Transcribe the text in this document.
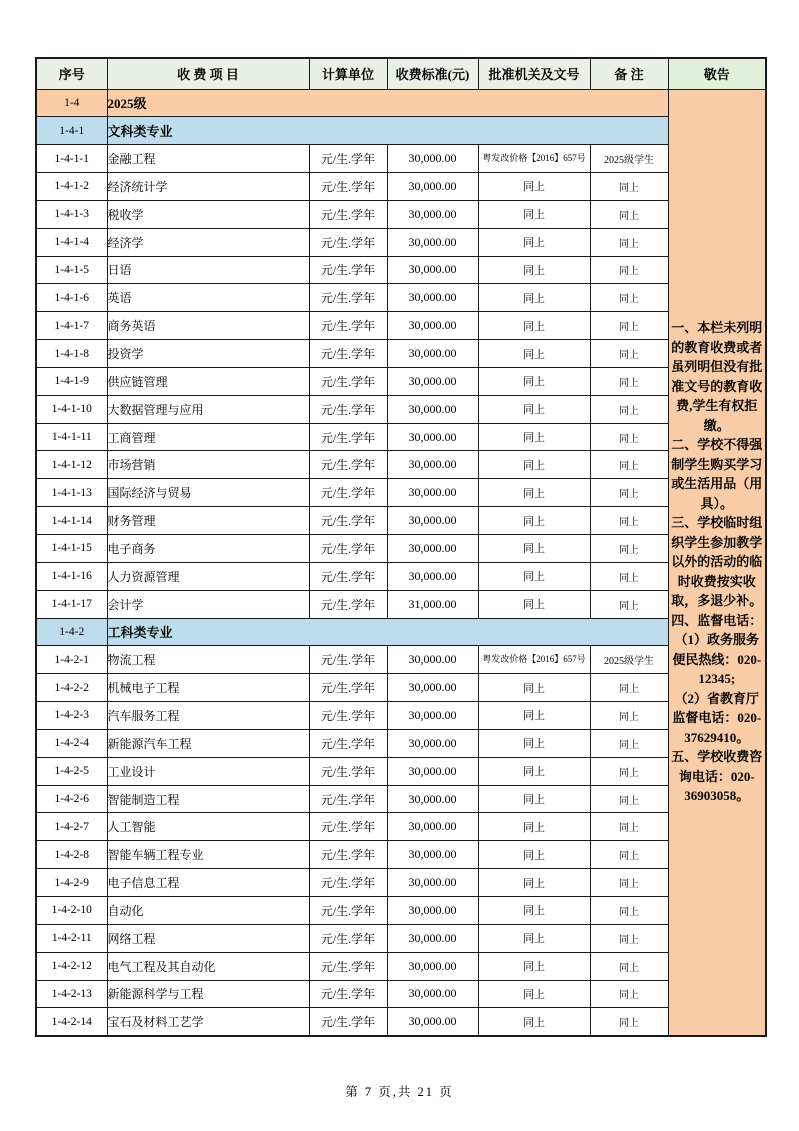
序号	收 费 项 目	计算单位	收费标准(元)	批准机关及文号	备 注	敬告
1-4	2025级	
一、本栏未列明的教育收费或者虽列明但没有批准文号的教育收费,学生有权拒缴。
二、学校不得强制学生购买学习或生活用品（用具）。
三、学校临时组织学生参加教学以外的活动的临时收费按实收取，多退少补。
四、监督电话：
（1）政务服务便民热线：020-12345;
（2）省教育厅监督电话：020-37629410。
五、学校收费咨询电话：020-36903058。

1-4-1	文科类专业					
1-4-1-1	金融工程	元/生.学年	30,000.00	粤发改价格【2016】657号	2025级学生	
1-4-1-2	经济统计学	元/生.学年	30,000.00	同上	同上	
1-4-1-3	税收学	元/生.学年	30,000.00	同上	同上	
1-4-1-4	经济学	元/生.学年	30,000.00	同上	同上	
1-4-1-5	日语	元/生.学年	30,000.00	同上	同上	
1-4-1-6	英语	元/生.学年	30,000.00	同上	同上	
1-4-1-7	商务英语	元/生.学年	30,000.00	同上	同上	
1-4-1-8	投资学	元/生.学年	30,000.00	同上	同上	
1-4-1-9	供应链管理	元/生.学年	30,000.00	同上	同上	
1-4-1-10	大数据管理与应用	元/生.学年	30,000.00	同上	同上	
1-4-1-11	工商管理	元/生.学年	30,000.00	同上	同上	
1-4-1-12	市场营销	元/生.学年	30,000.00	同上	同上	
1-4-1-13	国际经济与贸易	元/生.学年	30,000.00	同上	同上	
1-4-1-14	财务管理	元/生.学年	30,000.00	同上	同上	
1-4-1-15	电子商务	元/生.学年	30,000.00	同上	同上	
1-4-1-16	人力资源管理	元/生.学年	30,000.00	同上	同上	
1-4-1-17	会计学	元/生.学年	31,000.00	同上	同上	
1-4-2	工科类专业					
1-4-2-1	物流工程	元/生.学年	30,000.00	粤发改价格【2016】657号	2025级学生	
1-4-2-2	机械电子工程	元/生.学年	30,000.00	同上	同上	
1-4-2-3	汽车服务工程	元/生.学年	30,000.00	同上	同上	
1-4-2-4	新能源汽车工程	元/生.学年	30,000.00	同上	同上	
1-4-2-5	工业设计	元/生.学年	30,000.00	同上	同上	
1-4-2-6	智能制造工程	元/生.学年	30,000.00	同上	同上	
1-4-2-7	人工智能	元/生.学年	30,000.00	同上	同上	
1-4-2-8	智能车辆工程专业	元/生.学年	30,000.00	同上	同上	
1-4-2-9	电子信息工程	元/生.学年	30,000.00	同上	同上	
1-4-2-10	自动化	元/生.学年	30,000.00	同上	同上	
1-4-2-11	网络工程	元/生.学年	30,000.00	同上	同上	
1-4-2-12	电气工程及其自动化	元/生.学年	30,000.00	同上	同上	
1-4-2-13	新能源科学与工程	元/生.学年	30,000.00	同上	同上	
1-4-2-14	宝石及材料工艺学	元/生.学年	30,000.00	同上	同上	
第 7 页,共 21 页
